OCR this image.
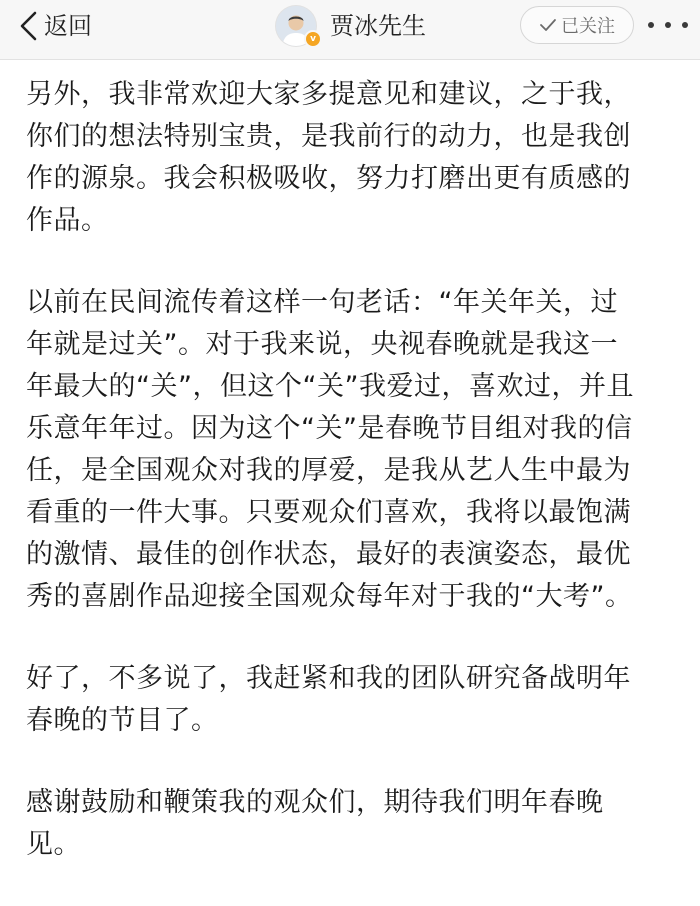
返回	贾冰先生
v
已关注

另外，我非常欢迎大家多提意见和建议，之于我，
你们的想法特别宝贵，是我前行的动力，也是我创
作的源泉。我会积极吸收，努力打磨出更有质感的
作品。

以前在民间流传着这样一句老话：“年关年关，过
年就是过关”。对于我来说，央视春晚就是我这一
年最大的“关”，但这个“关”我爱过，喜欢过，并且
乐意年年过。因为这个“关”是春晚节目组对我的信
任，是全国观众对我的厚爱，是我从艺人生中最为
看重的一件大事。只要观众们喜欢，我将以最饱满
的激情、最佳的创作状态，最好的表演姿态，最优
秀的喜剧作品迎接全国观众每年对于我的“大考”。

好了，不多说了，我赶紧和我的团队研究备战明年
春晚的节目了。

感谢鼓励和鞭策我的观众们，期待我们明年春晚
见。
